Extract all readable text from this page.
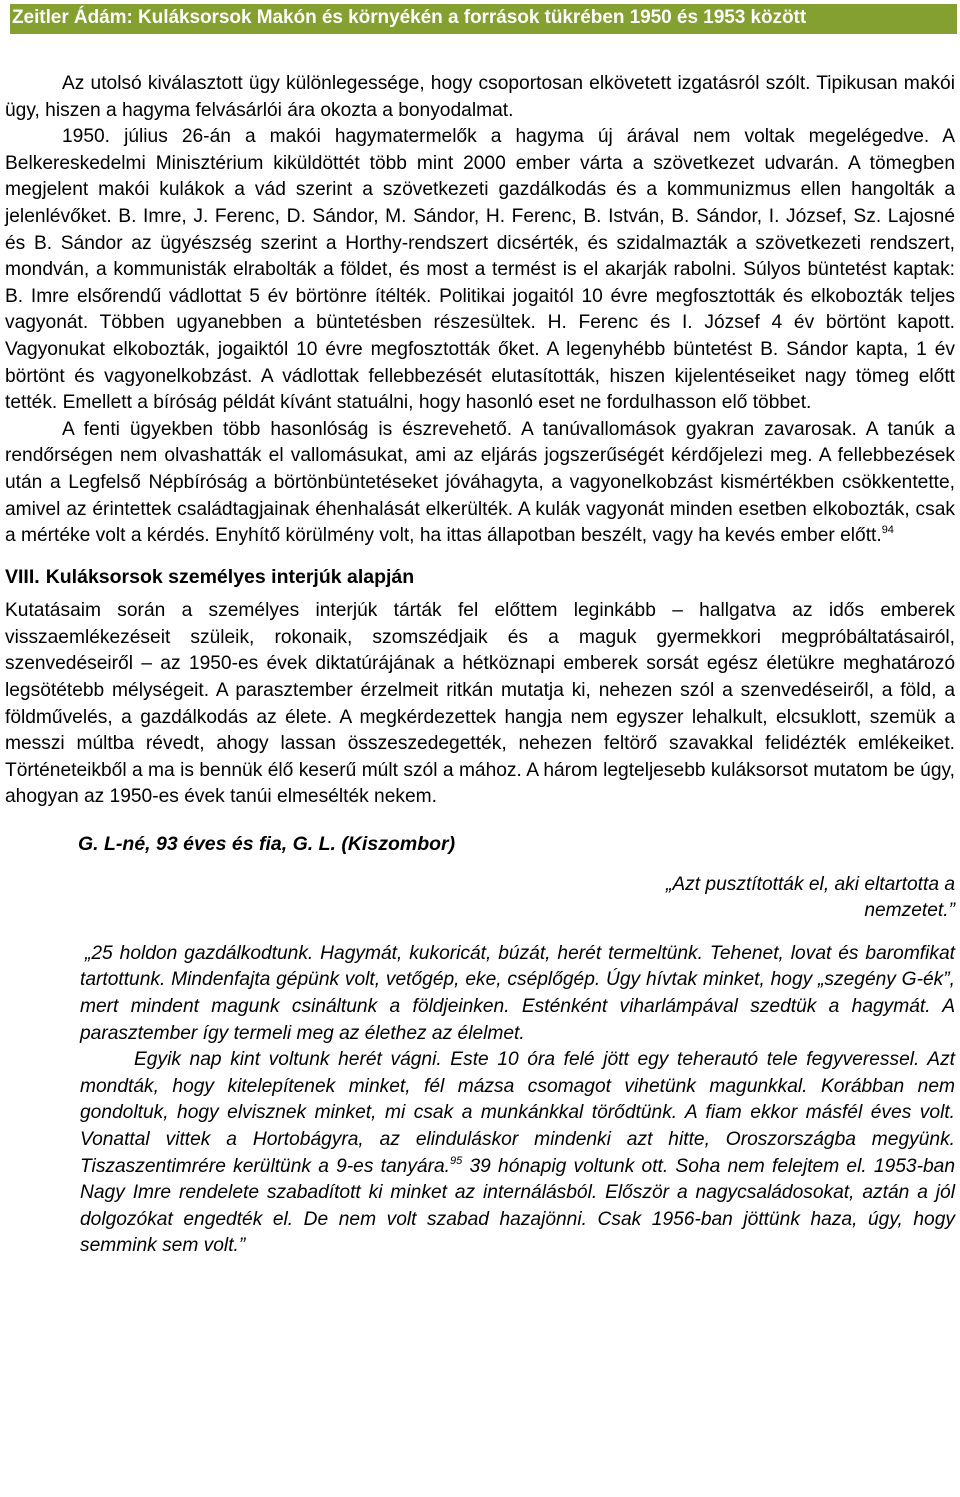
Zeitler Ádám: Kuláksorsok Makón és környékén a források tükrében 1950 és 1953 között

Az utolsó kiválasztott ügy különlegessége, hogy csoportosan elkövetett izgatásról szólt. Tipikusan makói ügy, hiszen a hagyma felvásárlói ára okozta a bonyodalmat.

1950. július 26-án a makói hagymatermelők a hagyma új árával nem voltak megelégedve. A Belkereskedelmi Minisztérium kiküldöttét több mint 2000 ember várta a szövetkezet udvarán. A tömegben megjelent makói kulákok a vád szerint a szövetkezeti gazdálkodás és a kommunizmus ellen hangolták a jelenlévőket. B. Imre, J. Ferenc, D. Sándor, M. Sándor, H. Ferenc, B. István, B. Sándor, I. József, Sz. Lajosné és B. Sándor az ügyészség szerint a Horthy-rendszert dicsérték, és szidalmazták a szövetkezeti rendszert, mondván, a kommunisták elrabolták a földet, és most a termést is el akarják rabolni. Súlyos büntetést kaptak: B. Imre elsőrendű vádlottat 5 év börtönre ítélték. Politikai jogaitól 10 évre megfosztották és elkobozták teljes vagyonát. Többen ugyanebben a büntetésben részesültek. H. Ferenc és I. József 4 év börtönt kapott. Vagyonukat elkobozták, jogaiktól 10 évre megfosztották őket. A legenyhébb büntetést B. Sándor kapta, 1 év börtönt és vagyonelkobzást. A vádlottak fellebbezését elutasították, hiszen kijelentéseiket nagy tömeg előtt tették. Emellett a bíróság példát kívánt statuálni, hogy hasonló eset ne fordulhasson elő többet.

A fenti ügyekben több hasonlóság is észrevehető. A tanúvallomások gyakran zavarosak. A tanúk a rendőrségen nem olvashatták el vallomásukat, ami az eljárás jogszerűségét kérdőjelezi meg. A fellebbezések után a Legfelső Népbíróság a börtönbüntetéseket jóváhagyta, a vagyonelkobzást kismértékben csökkentette, amivel az érintettek családtagjainak éhenhalását elkerülték. A kulák vagyonát minden esetben elkobozták, csak a mértéke volt a kérdés. Enyhítő körülmény volt, ha ittas állapotban beszélt, vagy ha kevés ember előtt.$^{94}$

VIII. Kuláksorsok személyes interjúk alapján

Kutatásaim során a személyes interjúk tárták fel előttem leginkább ‒ hallgatva az idős emberek visszaemlékezéseit szüleik, rokonaik, szomszédjaik és a maguk gyermekkori megpróbáltatásairól, szenvedéseiről ‒ az 1950-es évek diktatúrájának a hétköznapi emberek sorsát egész életükre meghatározó legsötétebb mélységeit. A parasztember érzelmeit ritkán mutatja ki, nehezen szól a szenvedéseiről, a föld, a földművelés, a gazdálkodás az élete. A megkérdezettek hangja nem egyszer lehalkult, elcsuklott, szemük a messzi múltba révedt, ahogy lassan összeszedegették, nehezen feltörő szavakkal felidézték emlékeiket. Történeteikből a ma is bennük élő keserű múlt szól a mához. A három legteljesebb kuláksorsot mutatom be úgy, ahogyan az 1950-es évek tanúi elmesélték nekem.

G. L-né, 93 éves és fia, G. L. (Kiszombor)
„Azt pusztították el, aki eltartotta a nemzetet.”

„25 holdon gazdálkodtunk. Hagymát, kukoricát, búzát, herét termeltünk. Tehenet, lovat és baromfikat tartottunk. Mindenfajta gépünk volt, vetőgép, eke, cséplőgép. Úgy hívtak minket, hogy „szegény G-ék”, mert mindent magunk csináltunk a földjeinken. Esténként viharlámpával szedtük a hagymát. A parasztember így termeli meg az élethez az élelmet.

Egyik nap kint voltunk herét vágni. Este 10 óra felé jött egy teherautó tele fegyveressel. Azt mondták, hogy kitelepítenek minket, fél mázsa csomagot vihetünk magunkkal. Korábban nem gondoltuk, hogy elvisznek minket, mi csak a munkánkkal törődtünk. A fiam ekkor másfél éves volt. Vonattal vittek a Hortobágyra, az elinduláskor mindenki azt hitte, Oroszországba megyünk. Tiszaszentimrére kerültünk a 9-es tanyára.$^{95}$ 39 hónapig voltunk ott. Soha nem felejtem el. 1953-ban Nagy Imre rendelete szabadított ki minket az internálásból. Először a nagycsaládosokat, aztán a jól dolgozókat engedték el. De nem volt szabad hazajönni. Csak 1956-ban jöttünk haza, úgy, hogy semmink sem volt.”
